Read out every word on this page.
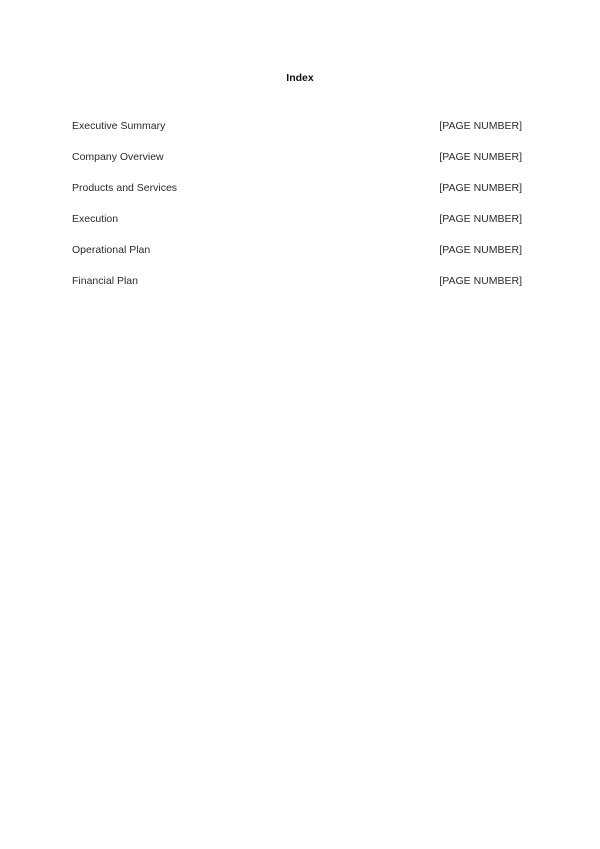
Index
Executive Summary	[PAGE NUMBER]
Company Overview	[PAGE NUMBER]
Products and Services	[PAGE NUMBER]
Execution	[PAGE NUMBER]
Operational Plan	[PAGE NUMBER]
Financial Plan	[PAGE NUMBER]
